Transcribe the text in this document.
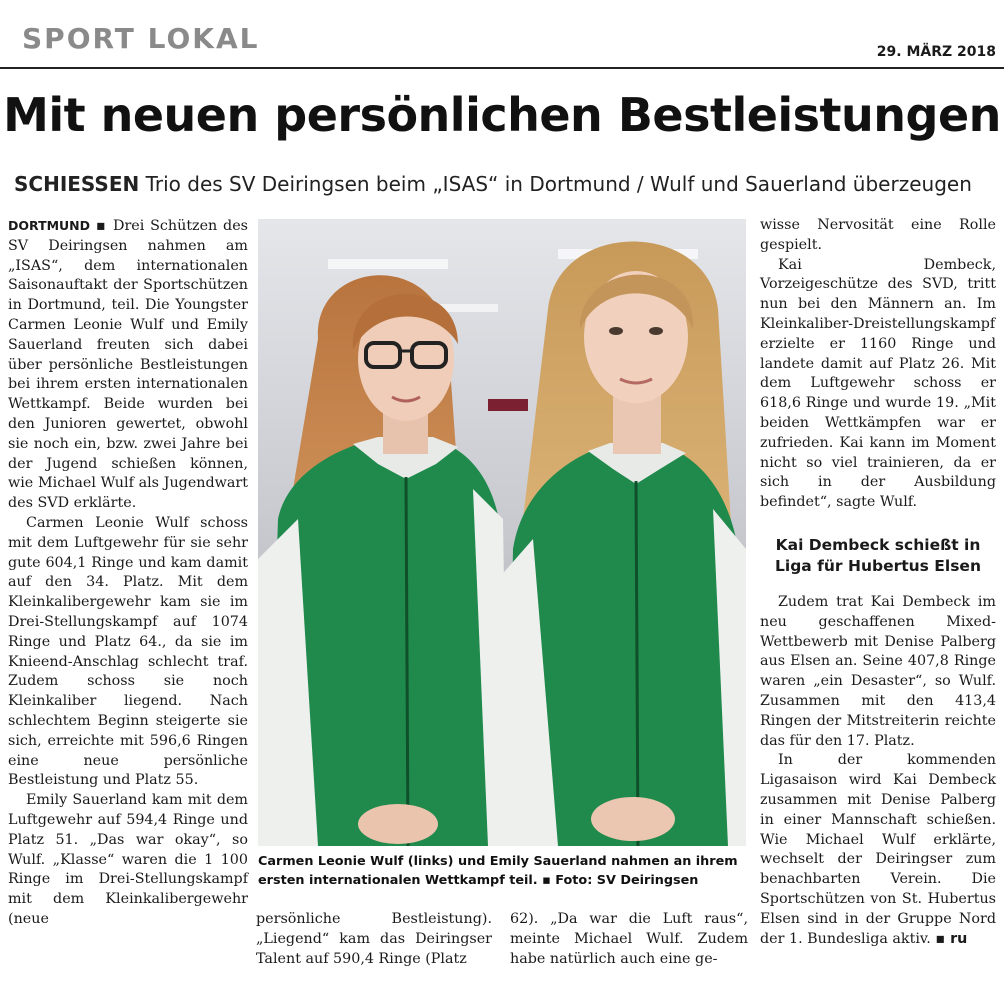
SPORT LOKAL	29. MÄRZ 2018
Mit neuen persönlichen Bestleistungen
SCHIESSEN Trio des SV Deiringsen beim „ISAS“ in Dortmund / Wulf und Sauerland überzeugen

DORTMUND ▪ Drei Schützen des SV Deiringsen nahmen am „ISAS“, dem internationalen Saisonauftakt der Sportschützen in Dortmund, teil. Die Youngster Carmen Leonie Wulf und Emily Sauerland freuten sich dabei über persönliche Bestleistungen bei ihrem ersten internationalen Wettkampf. Beide wurden bei den Junioren gewertet, obwohl sie noch ein, bzw. zwei Jahre bei der Jugend schießen können, wie Michael Wulf als Jugendwart des SVD erklärte.

Carmen Leonie Wulf schoss mit dem Luftgewehr für sie sehr gute 604,1 Ringe und kam damit auf den 34. Platz. Mit dem Kleinkalibergewehr kam sie im Drei-Stellungskampf auf 1074 Ringe und Platz 64., da sie im Knieend-Anschlag schlecht traf. Zudem schoss sie noch Kleinkaliber liegend. Nach schlechtem Beginn steigerte sie sich, erreichte mit 596,6 Ringen eine neue persönliche Bestleistung und Platz 55.

Emily Sauerland kam mit dem Luftgewehr auf 594,4 Ringe und Platz 51. „Das war okay“, so Wulf. „Klasse“ waren die 1 100 Ringe im Drei-Stellungskampf mit dem Kleinkalibergewehr (neue

Carmen Leonie Wulf (links) und Emily Sauerland nahmen an ihrem ersten internationalen Wettkampf teil. ▪ Foto: SV Deiringsen

persönliche Bestleistung). „Liegend“ kam das Deiringser Talent auf 590,4 Ringe (Platz

62). „Da war die Luft raus“, meinte Michael Wulf. Zudem habe natürlich auch eine ge-

wisse Nervosität eine Rolle gespielt.

Kai Dembeck, Vorzeigeschütze des SVD, tritt nun bei den Männern an. Im Kleinkaliber-Dreistellungskampf erzielte er 1160 Ringe und landete damit auf Platz 26. Mit dem Luftgewehr schoss er 618,6 Ringe und wurde 19. „Mit beiden Wettkämpfen war er zufrieden. Kai kann im Moment nicht so viel trainieren, da er sich in der Ausbildung befindet“, sagte Wulf.

Kai Dembeck schießt in Liga für Hubertus Elsen

Zudem trat Kai Dembeck im neu geschaffenen Mixed-Wettbewerb mit Denise Palberg aus Elsen an. Seine 407,8 Ringe waren „ein Desaster“, so Wulf. Zusammen mit den 413,4 Ringen der Mitstreiterin reichte das für den 17. Platz.

In der kommenden Ligasaison wird Kai Dembeck zusammen mit Denise Palberg in einer Mannschaft schießen. Wie Michael Wulf erklärte, wechselt der Deiringser zum benachbarten Verein. Die Sportschützen von St. Hubertus Elsen sind in der Gruppe Nord der 1. Bundesliga aktiv. ▪ ru
